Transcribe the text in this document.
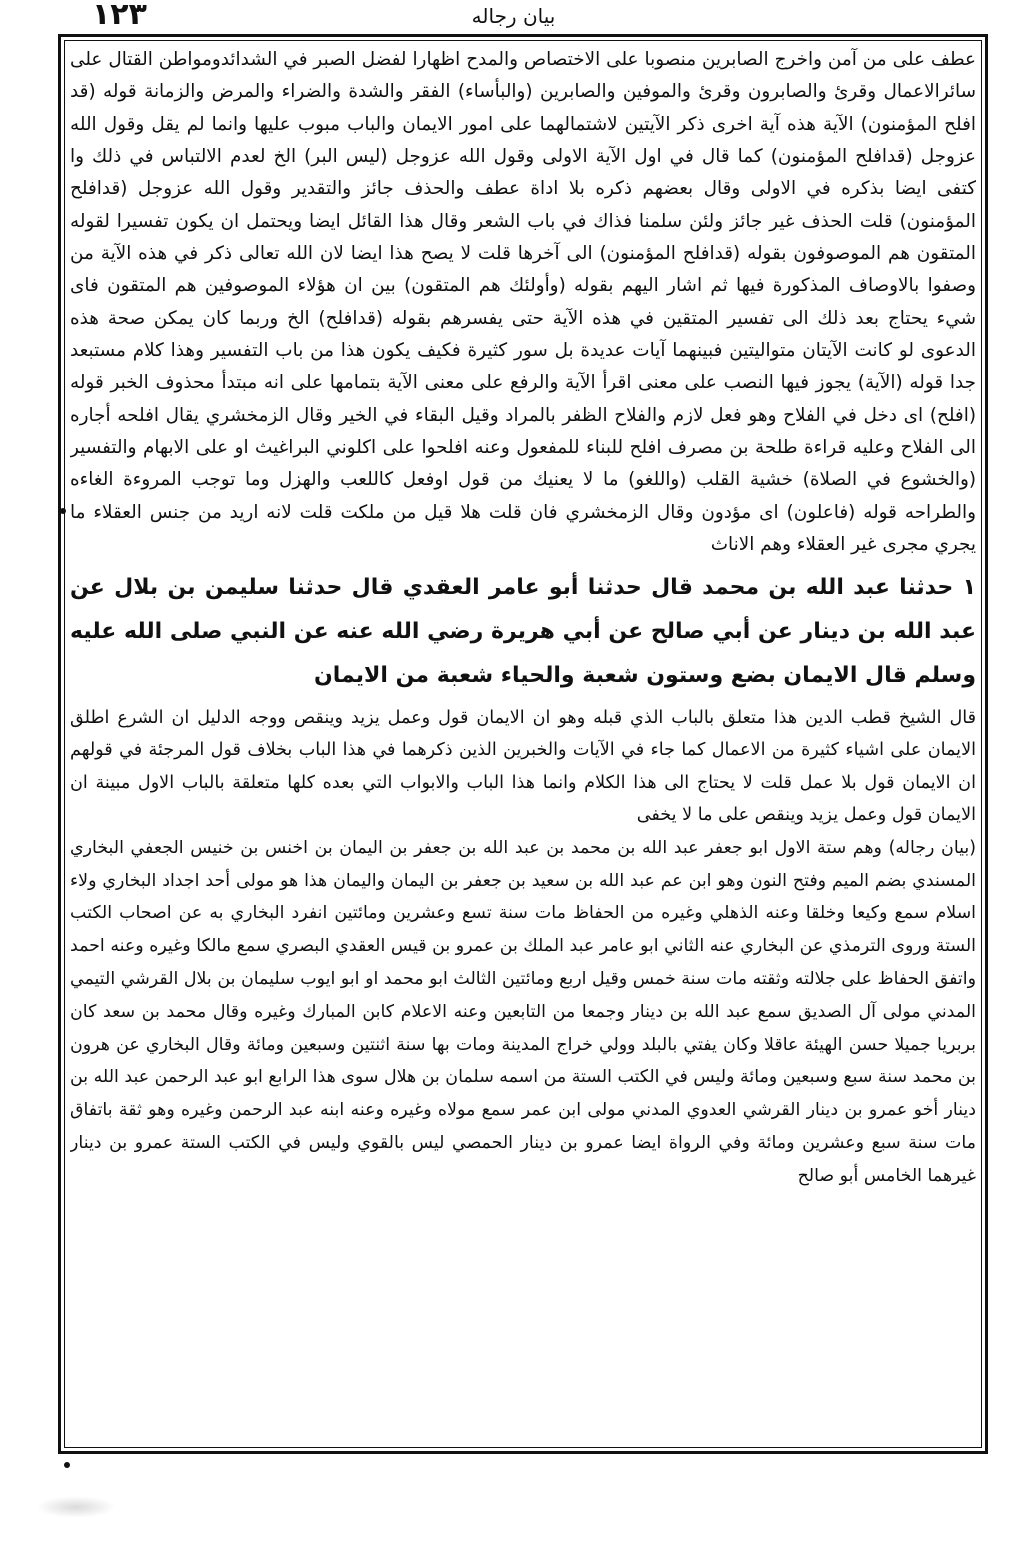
١٢٣	بيان رجاله

عطف على من آمن واخرج الصابرين منصوبا على الاختصاص والمدح اظهارا لفضل الصبر في الشدائدومواطن القتال على سائرالاعمال وقرئ والصابرون وقرئ والموفين والصابرين (والبأساء) الفقر والشدة والضراء والمرض والزمانة قوله (قد افلح المؤمنون) الآية هذه آية اخرى ذكر الآيتين لاشتمالهما على امور الايمان والباب مبوب عليها وانما لم يقل وقول الله عزوجل (قدافلح المؤمنون) كما قال في اول الآية الاولى وقول الله عزوجل (ليس البر) الخ لعدم الالتباس في ذلك وا كتفى ايضا بذكره في الاولى وقال بعضهم ذكره بلا اداة عطف والحذف جائز والتقدير وقول الله عزوجل (قدافلح المؤمنون) قلت الحذف غير جائز ولئن سلمنا فذاك في باب الشعر وقال هذا القائل ايضا ويحتمل ان يكون تفسيرا لقوله المتقون هم الموصوفون بقوله (قدافلح المؤمنون) الى آخرها قلت لا يصح هذا ايضا لان الله تعالى ذكر في هذه الآية من وصفوا بالاوصاف المذكورة فيها ثم اشار اليهم بقوله (وأولئك هم المتقون) بين ان هؤلاء الموصوفين هم المتقون فاى شيء يحتاج بعد ذلك الى تفسير المتقين في هذه الآية حتى يفسرهم بقوله (قدافلح) الخ وربما كان يمكن صحة هذه الدعوى لو كانت الآيتان متواليتين فبينهما آيات عديدة بل سور كثيرة فكيف يكون هذا من باب التفسير وهذا كلام مستبعد جدا قوله (الآية) يجوز فيها النصب على معنى اقرأ الآية والرفع على معنى الآية بتمامها على انه مبتدأ محذوف الخبر قوله (افلح) اى دخل في الفلاح وهو فعل لازم والفلاح الظفر بالمراد وقيل البقاء في الخير وقال الزمخشري يقال افلحه أجاره الى الفلاح وعليه قراءة طلحة بن مصرف افلح للبناء للمفعول وعنه افلحوا على اكلوني البراغيث او على الابهام والتفسير (والخشوع في الصلاة) خشية القلب (واللغو) ما لا يعنيك من قول اوفعل كاللعب والهزل وما توجب المروءة الغاءه والطراحه قوله (فاعلون) اى مؤدون وقال الزمخشري فان قلت هلا قيل من ملكت قلت لانه اريد من جنس العقلاء ما يجري مجرى غير العقلاء وهم الاناث

١ حدثنا عبد الله بن محمد قال حدثنا أبو عامر العقدي قال حدثنا سليمن بن بلال عن عبد الله بن دينار عن أبي صالح عن أبي هريرة رضي الله عنه عن النبي صلى الله عليه وسلم قال الايمان بضع وستون شعبة والحياء شعبة من الايمان

قال الشيخ قطب الدين هذا متعلق بالباب الذي قبله وهو ان الايمان قول وعمل يزيد وينقص ووجه الدليل ان الشرع اطلق الايمان على اشياء كثيرة من الاعمال كما جاء في الآيات والخبرين الذين ذكرهما في هذا الباب بخلاف قول المرجئة في قولهم ان الايمان قول بلا عمل قلت لا يحتاج الى هذا الكلام وانما هذا الباب والابواب التي بعده كلها متعلقة بالباب الاول مبينة ان الايمان قول وعمل يزيد وينقص على ما لا يخفى

(بيان رجاله) وهم ستة الاول ابو جعفر عبد الله بن محمد بن عبد الله بن جعفر بن اليمان بن اخنس بن خنيس الجعفي البخاري المسندي بضم الميم وفتح النون وهو ابن عم عبد الله بن سعيد بن جعفر بن اليمان واليمان هذا هو مولى أحد اجداد البخاري ولاء اسلام سمع وكيعا وخلقا وعنه الذهلي وغيره من الحفاظ مات سنة تسع وعشرين ومائتين انفرد البخاري به عن اصحاب الكتب الستة وروى الترمذي عن البخاري عنه الثاني ابو عامر عبد الملك بن عمرو بن قيس العقدي البصري سمع مالكا وغيره وعنه احمد واتفق الحفاظ على جلالته وثقته مات سنة خمس وقيل اربع ومائتين الثالث ابو محمد او ابو ايوب سليمان بن بلال القرشي التيمي المدني مولى آل الصديق سمع عبد الله بن دينار وجمعا من التابعين وعنه الاعلام كابن المبارك وغيره وقال محمد بن سعد كان بربريا جميلا حسن الهيئة عاقلا وكان يفتي بالبلد وولي خراج المدينة ومات بها سنة اثنتين وسبعين ومائة وقال البخاري عن هرون بن محمد سنة سبع وسبعين ومائة وليس في الكتب الستة من اسمه سلمان بن هلال سوى هذا الرابع ابو عبد الرحمن عبد الله بن دينار أخو عمرو بن دينار القرشي العدوي المدني مولى ابن عمر سمع مولاه وغيره وعنه ابنه عبد الرحمن وغيره وهو ثقة باتفاق مات سنة سبع وعشرين ومائة وفي الرواة ايضا عمرو بن دينار الحمصي ليس بالقوي وليس في الكتب الستة عمرو بن دينار غيرهما الخامس أبو صالح
